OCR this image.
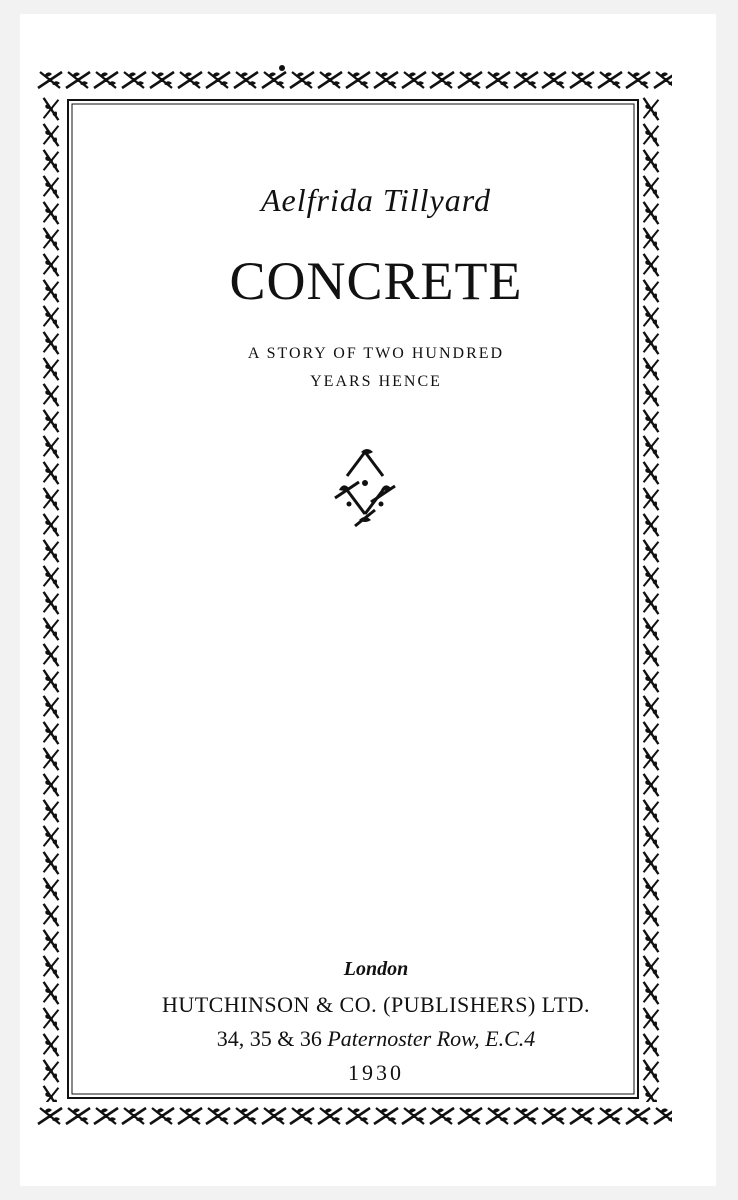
Aelfrida Tillyard
CONCRETE
A STORY OF TWO HUNDRED
YEARS HENCE
London
HUTCHINSON & CO. (PUBLISHERS) LTD.
34, 35 & 36 Paternoster Row, E.C.4
1930
